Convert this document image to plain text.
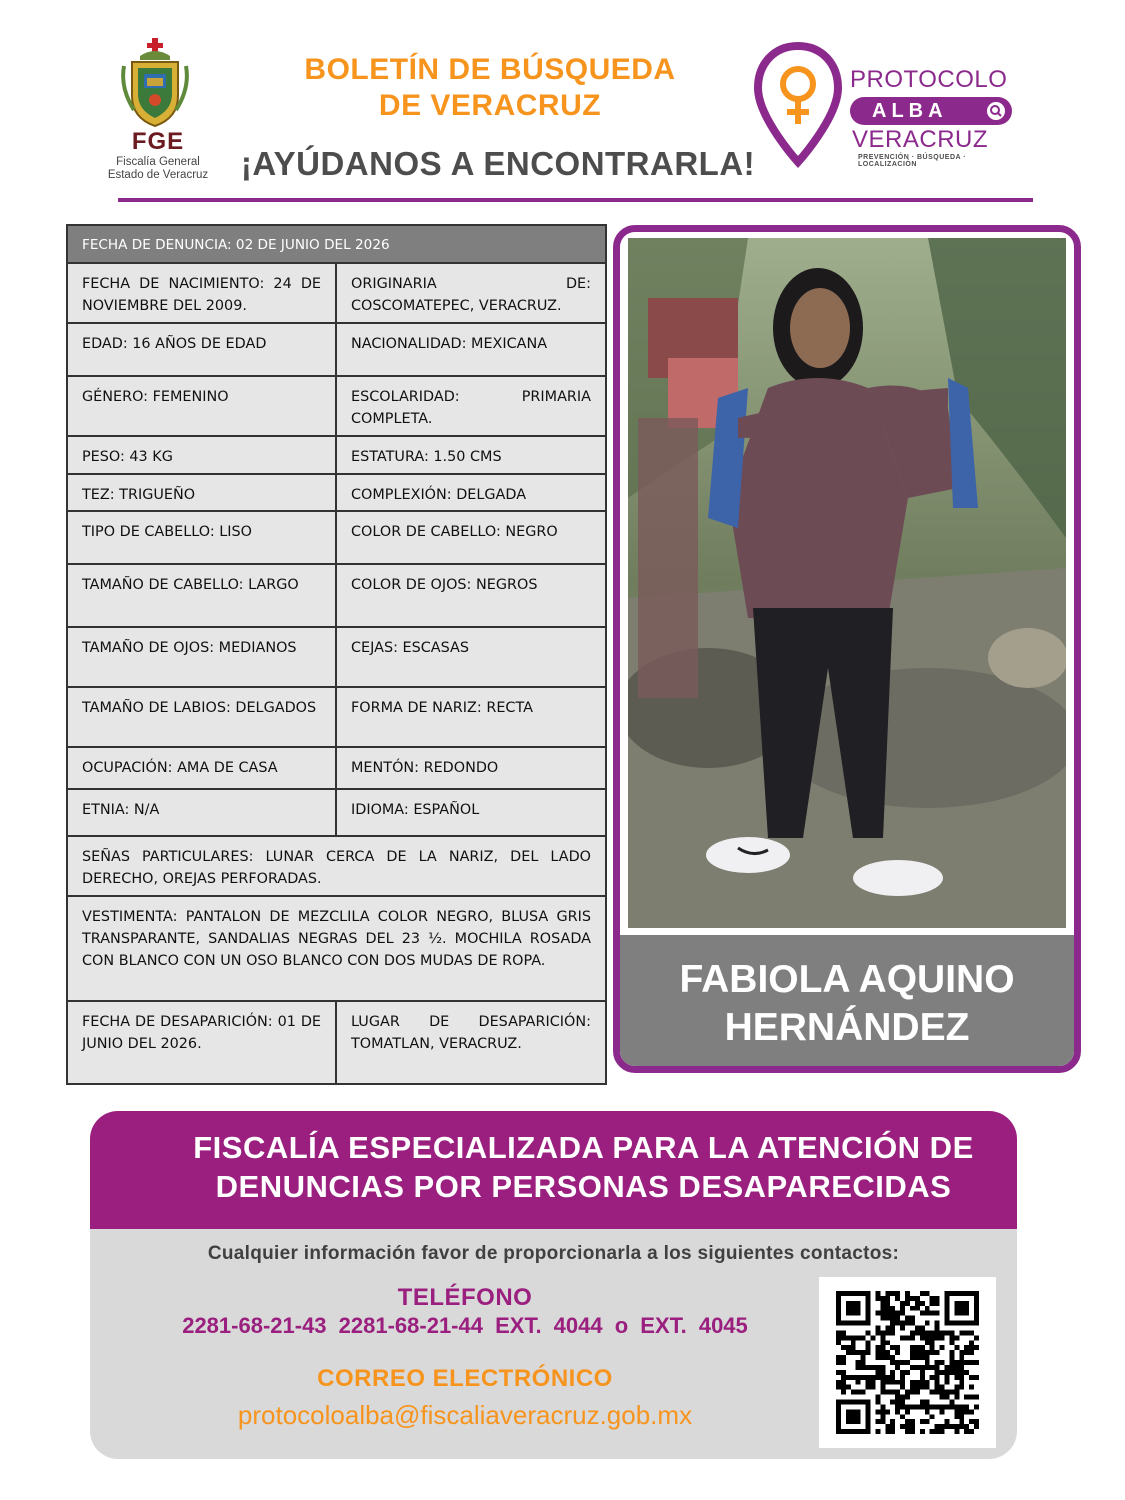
FGE
Fiscalía General
Estado de Veracruz
BOLETÍN DE BÚSQUEDA
DE VERACRUZ
¡AYÚDANOS A ENCONTRARLA!
PROTOCOLO
ALBA
VERACRUZ
PREVENCIÓN · BÚSQUEDA · LOCALIZACIÓN
FECHA DE DENUNCIA: 02 DE JUNIO DEL 2026	
FECHA DE NACIMIENTO: 24 DE NOVIEMBRE DEL 2009.	ORIGINARIA DE: COSCOMATEPEC, VERACRUZ.
EDAD: 16 AÑOS DE EDAD	NACIONALIDAD: MEXICANA
GÉNERO: FEMENINO	ESCOLARIDAD: PRIMARIA COMPLETA.
PESO: 43 KG	ESTATURA: 1.50 CMS
TEZ: TRIGUEÑO	COMPLEXIÓN: DELGADA
TIPO DE CABELLO: LISO	COLOR DE CABELLO: NEGRO
TAMAÑO DE CABELLO: LARGO	COLOR DE OJOS: NEGROS
TAMAÑO DE OJOS: MEDIANOS	CEJAS: ESCASAS
TAMAÑO DE LABIOS: DELGADOS	FORMA DE NARIZ: RECTA
OCUPACIÓN: AMA DE CASA	MENTÓN: REDONDO
ETNIA: N/A	IDIOMA: ESPAÑOL
SEÑAS PARTICULARES: LUNAR CERCA DE LA NARIZ, DEL LADO DERECHO, OREJAS PERFORADAS.	
VESTIMENTA: PANTALON DE MEZCLILA COLOR NEGRO, BLUSA GRIS TRANSPARANTE, SANDALIAS NEGRAS DEL 23 ½. MOCHILA ROSADA CON BLANCO CON UN OSO BLANCO CON DOS MUDAS DE ROPA.	
FECHA DE DESAPARICIÓN: 01 DE JUNIO DEL 2026.	LUGAR DE DESAPARICIÓN: TOMATLAN, VERACRUZ.
FABIOLA AQUINO
HERNÁNDEZ
FISCALÍA ESPECIALIZADA PARA LA ATENCIÓN DE
DENUNCIAS POR PERSONAS DESAPARECIDAS
Cualquier información favor de proporcionarla a los siguientes contactos:
TELÉFONO
2281-68-21-43 2281-68-21-44 EXT. 4044 o EXT. 4045
CORREO ELECTRÓNICO
protocoloalba@fiscaliaveracruz.gob.mx
